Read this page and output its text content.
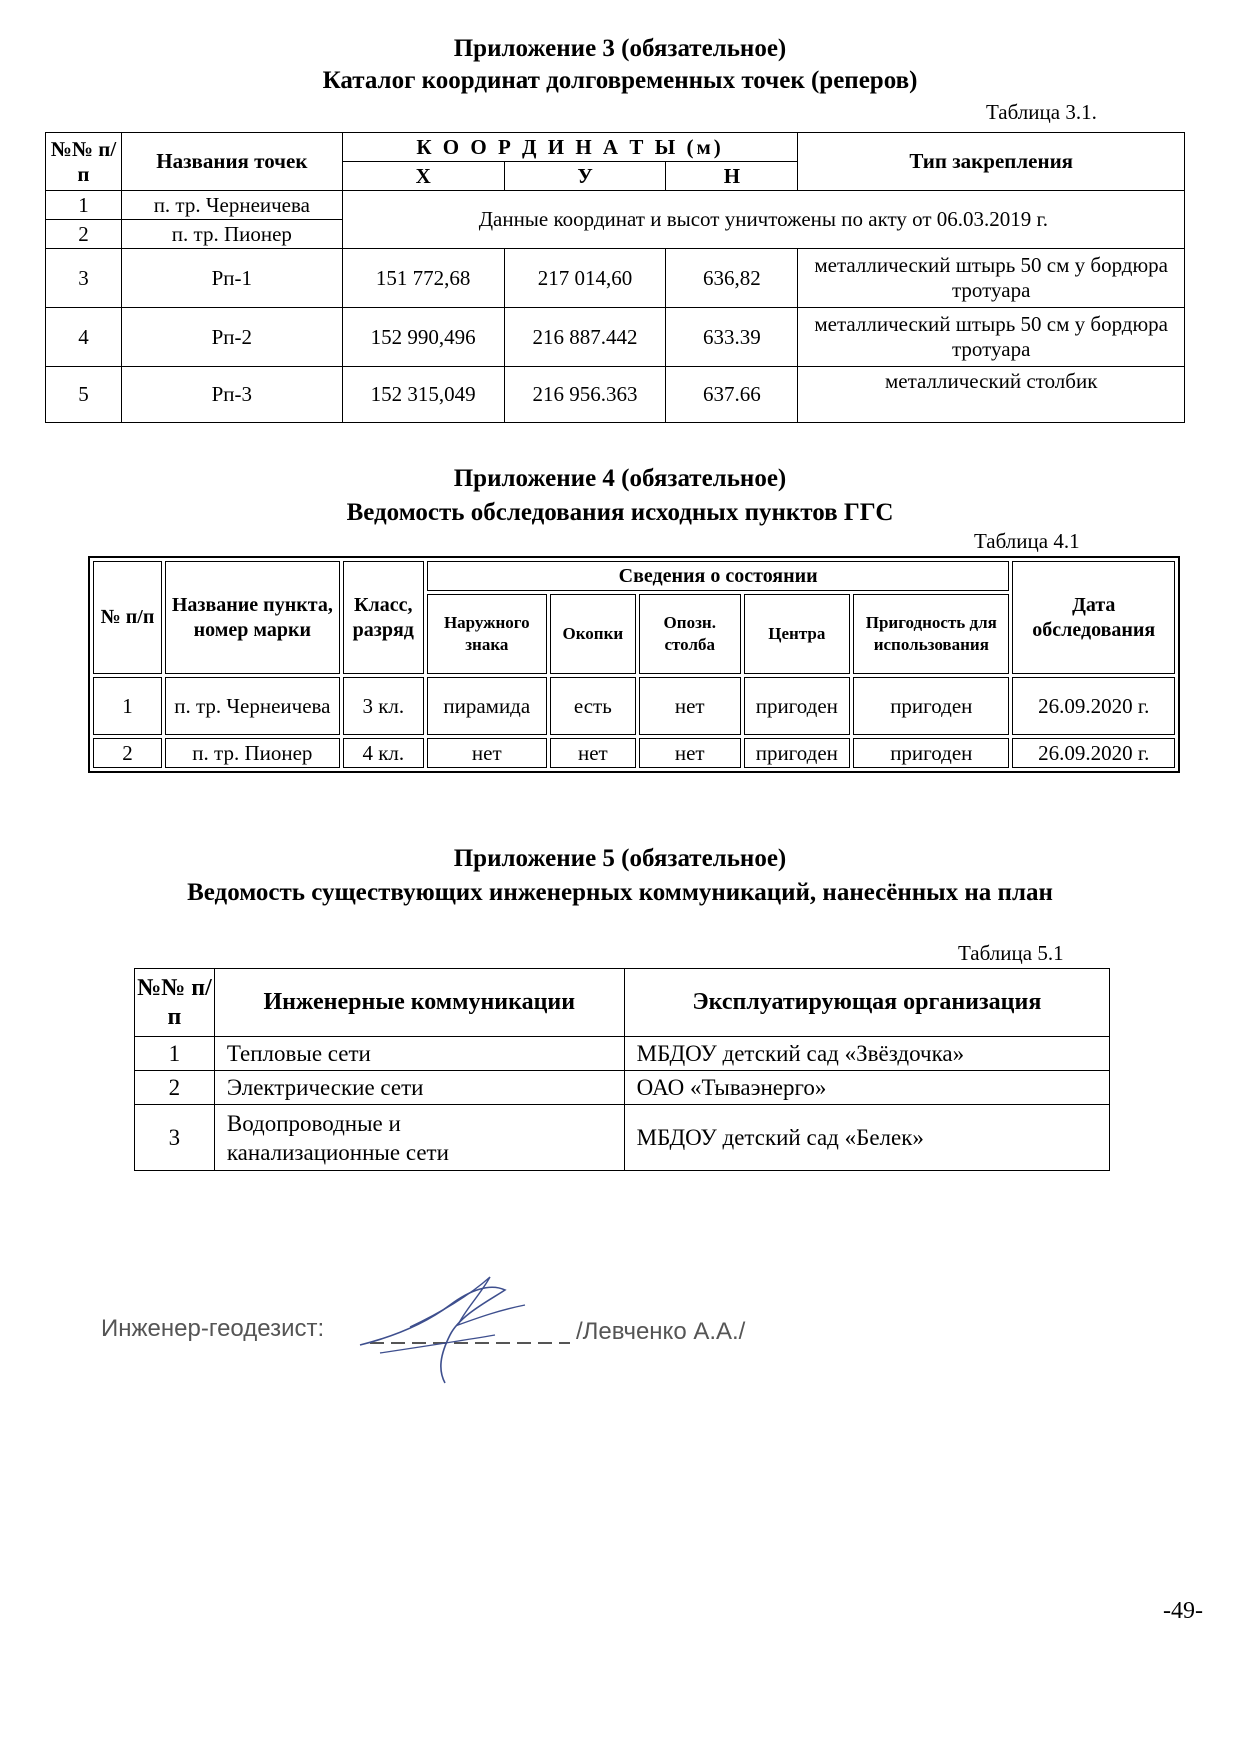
Приложение 3 (обязательное)
Каталог координат долговременных точек (реперов)
Таблица 3.1.
№№ п/п	Названия точек	К О О Р Д И Н А Т Ы (м)			Тип закрепления
		Х	У	Н	
1	п. тр. Чернеичева	Данные координат и высот уничтожены по акту от 06.03.2019 г.			
2	п. тр. Пионер				
3	Рп-1	151 772,68	217 014,60	636,82	металлический штырь 50 см у бордюра тротуара
4	Рп-2	152 990,496	216 887.442	633.39	металлический штырь 50 см у бордюра тротуара
5	Рп-3	152 315,049	216 956.363	637.66	металлический столбик
Приложение 4 (обязательное)
Ведомость обследования исходных пунктов ГГС
Таблица 4.1
№ п/п	Название пункта, номер марки	Класс, разряд	Сведения о состоянии					Дата обследования
			Наружного знака	Окопки	Опозн. столба	Центра	Пригодность для использования	
1	п. тр. Чернеичева	3 кл.	пирамида	есть	нет	пригоден	пригоден	26.09.2020 г.
2	п. тр. Пионер	4 кл.	нет	нет	нет	пригоден	пригоден	26.09.2020 г.
Приложение 5 (обязательное)
Ведомость существующих инженерных коммуникаций, нанесённых на план
Таблица 5.1
№№ п/п	Инженерные коммуникации	Эксплуатирующая организация
1	Тепловые сети	МБДОУ детский сад «Звёздочка»
2	Электрические сети	ОАО «Тываэнерго»
3	Водопроводные и канализационные сети	МБДОУ детский сад «Белек»
Инженер-геодезист:	/Левченко А.А./
-49-
